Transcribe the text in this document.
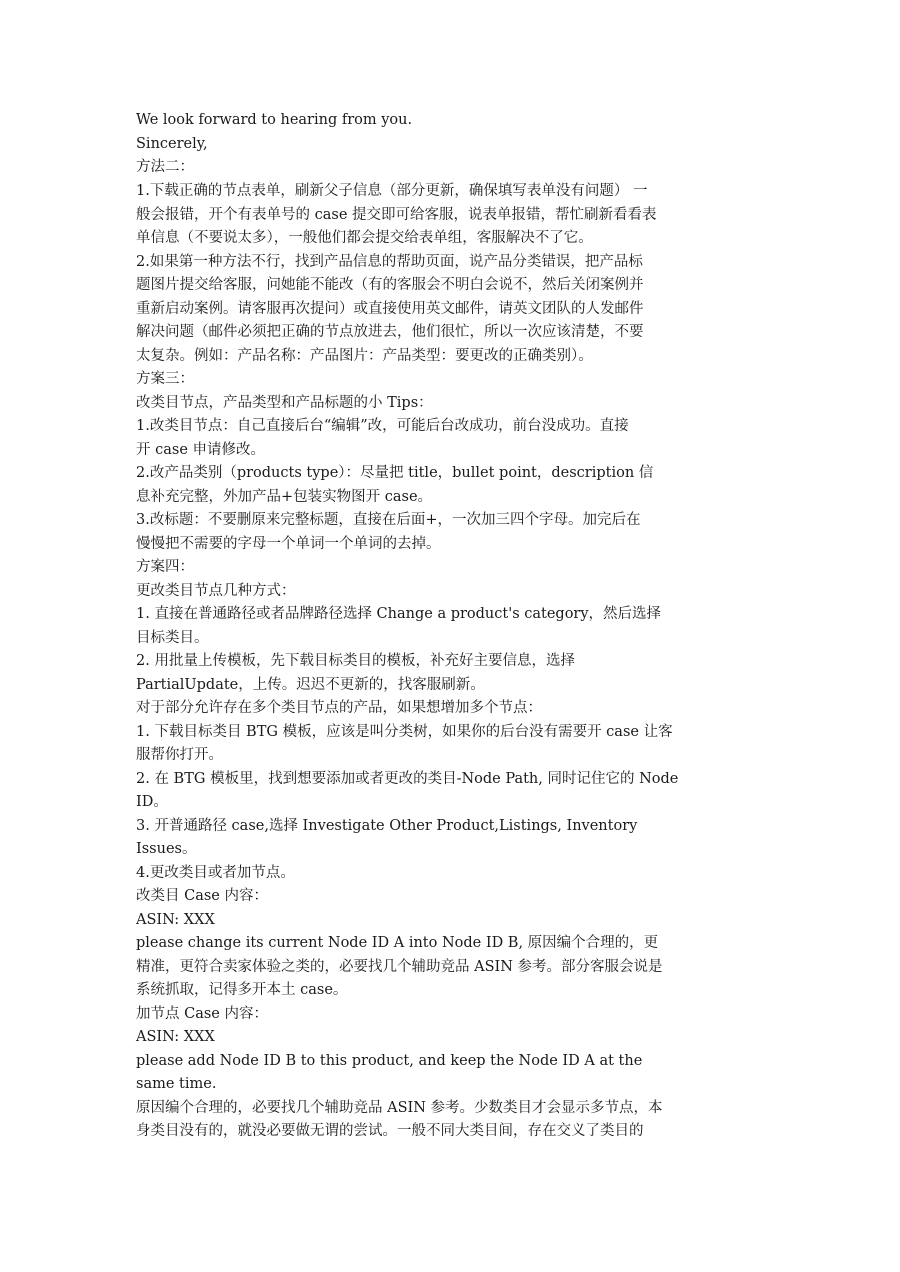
We look forward to hearing from you.
Sincerely,
方法二：
1.下载正确的节点表单，刷新父子信息（部分更新，确保填写表单没有问题） 一
般会报错，开个有表单号的 case 提交即可给客服，说表单报错，帮忙刷新看看表
单信息（不要说太多），一般他们都会提交给表单组，客服解决不了它。
2.如果第一种方法不行，找到产品信息的帮助页面，说产品分类错误，把产品标
题图片提交给客服，问她能不能改（有的客服会不明白会说不，然后关闭案例并
重新启动案例。请客服再次提问）或直接使用英文邮件，请英文团队的人发邮件
解决问题（邮件必须把正确的节点放进去，他们很忙，所以一次应该清楚，不要
太复杂。例如：产品名称：产品图片：产品类型：要更改的正确类别）。
方案三：
改类目节点，产品类型和产品标题的小 Tips：
1.改类目节点：自己直接后台“编辑”改，可能后台改成功，前台没成功。直接
开 case 申请修改。
2.改产品类别（products type）：尽量把 title，bullet point，description 信
息补充完整，外加产品+包装实物图开 case。
3.改标题：不要删原来完整标题，直接在后面+，一次加三四个字母。加完后在
慢慢把不需要的字母一个单词一个单词的去掉。
方案四：
更改类目节点几种方式：
1. 直接在普通路径或者品牌路径选择 Change a product's category，然后选择
目标类目。
2. 用批量上传模板，先下载目标类目的模板，补充好主要信息，选择
PartialUpdate，上传。迟迟不更新的，找客服刷新。
对于部分允许存在多个类目节点的产品，如果想增加多个节点：
1. 下载目标类目 BTG 模板，应该是叫分类树，如果你的后台没有需要开 case 让客
服帮你打开。
2. 在 BTG 模板里，找到想要添加或者更改的类目-Node Path, 同时记住它的 Node
ID。
3. 开普通路径 case,选择 Investigate Other Product,Listings, Inventory
Issues。
4.更改类目或者加节点。
改类目 Case 内容：
ASIN: XXX
please change its current Node ID A into Node ID B, 原因编个合理的，更
精准，更符合卖家体验之类的，必要找几个辅助竞品 ASIN 参考。部分客服会说是
系统抓取，记得多开本土 case。
加节点 Case 内容：
ASIN: XXX
please add Node ID B to this product, and keep the Node ID A at the
same time.
原因编个合理的，必要找几个辅助竞品 ASIN 参考。少数类目才会显示多节点，本
身类目没有的，就没必要做无谓的尝试。一般不同大类目间，存在交义了类目的
